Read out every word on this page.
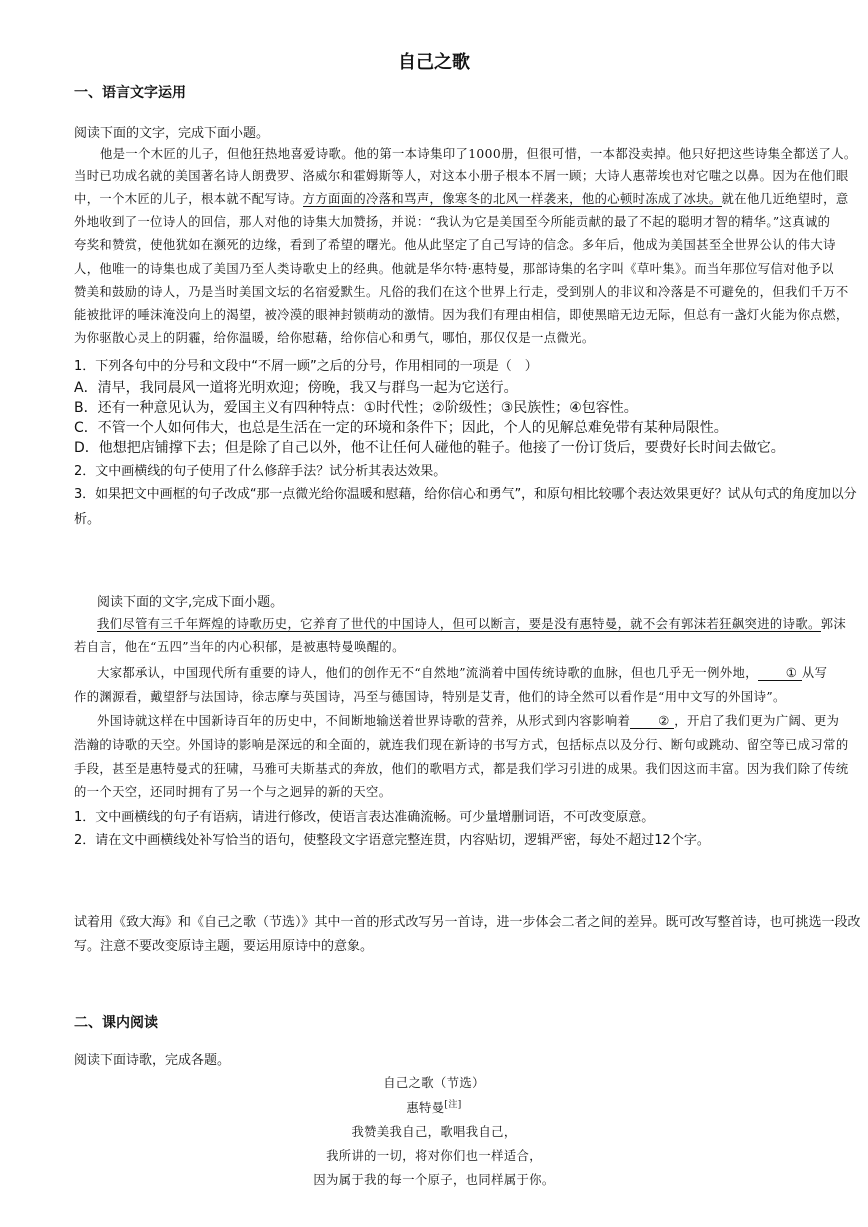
自己之歌
一、语言文字运用
阅读下面的文字，完成下面小题。
他是一个木匠的儿子，但他狂热地喜爱诗歌。他的第一本诗集印了1000册，但很可惜，一本都没卖掉。他只好把这些诗集全都送了人。
当时已功成名就的美国著名诗人朗费罗、洛威尔和霍姆斯等人，对这本小册子根本不屑一顾；大诗人惠蒂埃也对它嗤之以鼻。因为在他们眼
中，一个木匠的儿子，根本就不配写诗。方方面面的冷落和骂声，像寒冬的北风一样袭来，他的心顿时冻成了冰块。就在他几近绝望时，意
外地收到了一位诗人的回信，那人对他的诗集大加赞扬，并说：“我认为它是美国至今所能贡献的最了不起的聪明才智的精华。”这真诚的
夸奖和赞赏，使他犹如在濒死的边缘，看到了希望的曙光。他从此坚定了自己写诗的信念。多年后，他成为美国甚至全世界公认的伟大诗
人，他唯一的诗集也成了美国乃至人类诗歌史上的经典。他就是华尔特·惠特曼，那部诗集的名字叫《草叶集》。而当年那位写信对他予以
赞美和鼓励的诗人，乃是当时美国文坛的名宿爱默生。凡俗的我们在这个世界上行走，受到别人的非议和冷落是不可避免的，但我们千万不
能被批评的唾沫淹没向上的渴望，被冷漠的眼神封锁萌动的激情。因为我们有理由相信，即使黑暗无边无际，但总有一盏灯火能为你点燃，
为你驱散心灵上的阴霾，给你温暖，给你慰藉，给你信心和勇气，哪怕，那仅仅是一点微光。
1．下列各句中的分号和文段中“不屑一顾”之后的分号，作用相同的一项是（　）
A．清早，我同晨风一道将光明欢迎；傍晚，我又与群鸟一起为它送行。
B．还有一种意见认为，爱国主义有四种特点：①时代性；②阶级性；③民族性；④包容性。
C．不管一个人如何伟大，也总是生活在一定的环境和条件下；因此，个人的见解总难免带有某种局限性。
D．他想把店铺撑下去；但是除了自己以外，他不让任何人碰他的鞋子。他接了一份订货后，要费好长时间去做它。
2．文中画横线的句子使用了什么修辞手法？试分析其表达效果。
3．如果把文中画框的句子改成“那一点微光给你温暖和慰藉，给你信心和勇气”，和原句相比较哪个表达效果更好？试从句式的角度加以分
析。
阅读下面的文字,完成下面小题。
我们尽管有三千年辉煌的诗歌历史，它养育了世代的中国诗人，但可以断言，要是没有惠特曼，就不会有郭沫若狂飙突进的诗歌。郭沫
若自言，他在“五四”当年的内心积郁，是被惠特曼唤醒的。
大家都承认，中国现代所有重要的诗人，他们的创作无不“自然地”流淌着中国传统诗歌的血脉，但也几乎无一例外地， ① 从写
作的渊源看，戴望舒与法国诗，徐志摩与英国诗，冯至与德国诗，特别是艾青，他们的诗全然可以看作是“用中文写的外国诗”。
外国诗就这样在中国新诗百年的历史中，不间断地输送着世界诗歌的营养，从形式到内容影响着 ② ，开启了我们更为广阔、更为
浩瀚的诗歌的天空。外国诗的影响是深远的和全面的，就连我们现在新诗的书写方式，包括标点以及分行、断句或跳动、留空等已成习常的
手段，甚至是惠特曼式的狂啸，马雅可夫斯基式的奔放，他们的歌唱方式，都是我们学习引进的成果。我们因这而丰富。因为我们除了传统
的一个天空，还同时拥有了另一个与之迥异的新的天空。
1．文中画横线的句子有语病，请进行修改，使语言表达准确流畅。可少量增删词语，不可改变原意。
2．请在文中画横线处补写恰当的语句，使整段文字语意完整连贯，内容贴切，逻辑严密，每处不超过12个字。
试着用《致大海》和《自己之歌（节选）》其中一首的形式改写另一首诗，进一步体会二者之间的差异。既可改写整首诗，也可挑选一段改
写。注意不要改变原诗主题，要运用原诗中的意象。
二、课内阅读
阅读下面诗歌，完成各题。
自己之歌（节选）
惠特曼[注]
我赞美我自己，歌唱我自己，
我所讲的一切，将对你们也一样适合，
因为属于我的每一个原子，也同样属于你。
